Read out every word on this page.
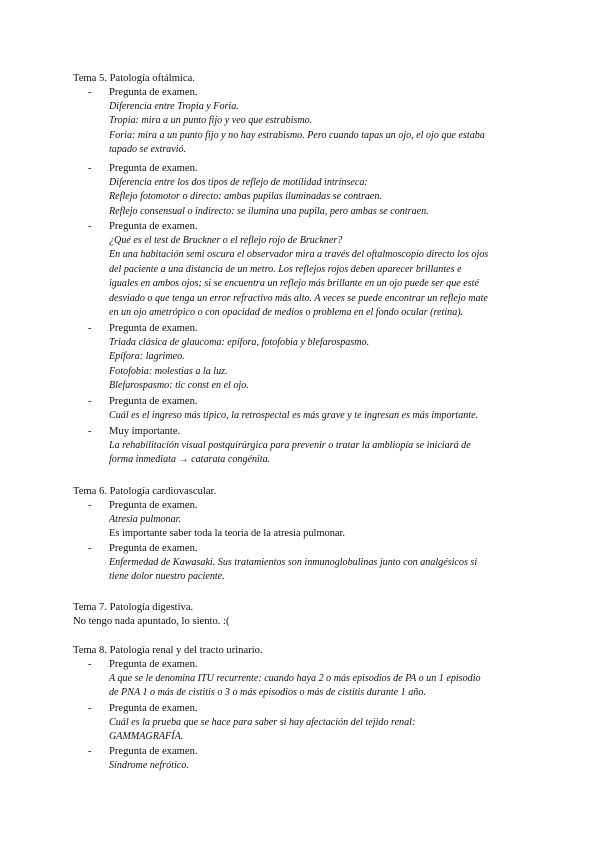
Tema 5. Patología oftálmica.
- Pregunta de examen.
Diferencia entre Tropia y Foria.
Tropia: mira a un punto fijo y veo que estrabismo.
Foria: mira a un punto fijo y no hay estrabismo. Pero cuando tapas un ojo, el ojo que estaba
tapado se extravió.
- Pregunta de examen.
Diferencia entre los dos tipos de reflejo de motilidad intrínseca:
Reflejo fotomotor o directo: ambas pupilas iluminadas se contraen.
Reflejo consensual o indirecto: se ilumina una pupila, pero ambas se contraen.
- Pregunta de examen.
¿Qué es el test de Bruckner o el reflejo rojo de Bruckner?
En una habitación semi oscura el observador mira a través del oftalmoscopio directo los ojos
del paciente a una distancia de un metro. Los reflejos rojos deben aparecer brillantes e
iguales en ambos ojos; si se encuentra un reflejo más brillante en un ojo puede ser que esté
desviado o que tenga un error refractivo más alto. A veces se puede encontrar un reflejo mate
en un ojo ametrópico o con opacidad de medios o problema en el fondo ocular (retina).
- Pregunta de examen.
Triada clásica de glaucoma: epífora, fotofobia y blefarospasmo.
Epífora: lagrimeo.
Fotofobia: molestias a la luz.
Blefarospasmo: tic const en el ojo.
- Pregunta de examen.
Cuál es el ingreso más típico, la retrospectal es más grave y te ingresan es más importante.
- Muy importante.
La rehabilitación visual postquirúrgica para prevenir o tratar la ambliopía se iniciará de
forma inmediata → catarata congénita.
Tema 6. Patología cardiovascular.
- Pregunta de examen.
Atresia pulmonar.
Es importante saber toda la teoría de la atresia pulmonar.
- Pregunta de examen.
Enfermedad de Kawasaki. Sus tratamientos son inmunoglobulinas junto con analgésicos si
tiene dolor nuestro paciente.
Tema 7. Patología digestiva.
No tengo nada apuntado, lo siento. :(
Tema 8. Patología renal y del tracto urinario.
- Pregunta de examen.
A que se le denomina ITU recurrente: cuando haya 2 o más episodios de PA o un 1 episodio
de PNA 1 o más de cistitis o 3 o más episodios o más de cistitis durante 1 año.
- Pregunta de examen.
Cuál es la prueba que se hace para saber si hay afectación del tejido renal:
GAMMAGRAFÍA.
- Pregunta de examen.
Síndrome nefrótico.
